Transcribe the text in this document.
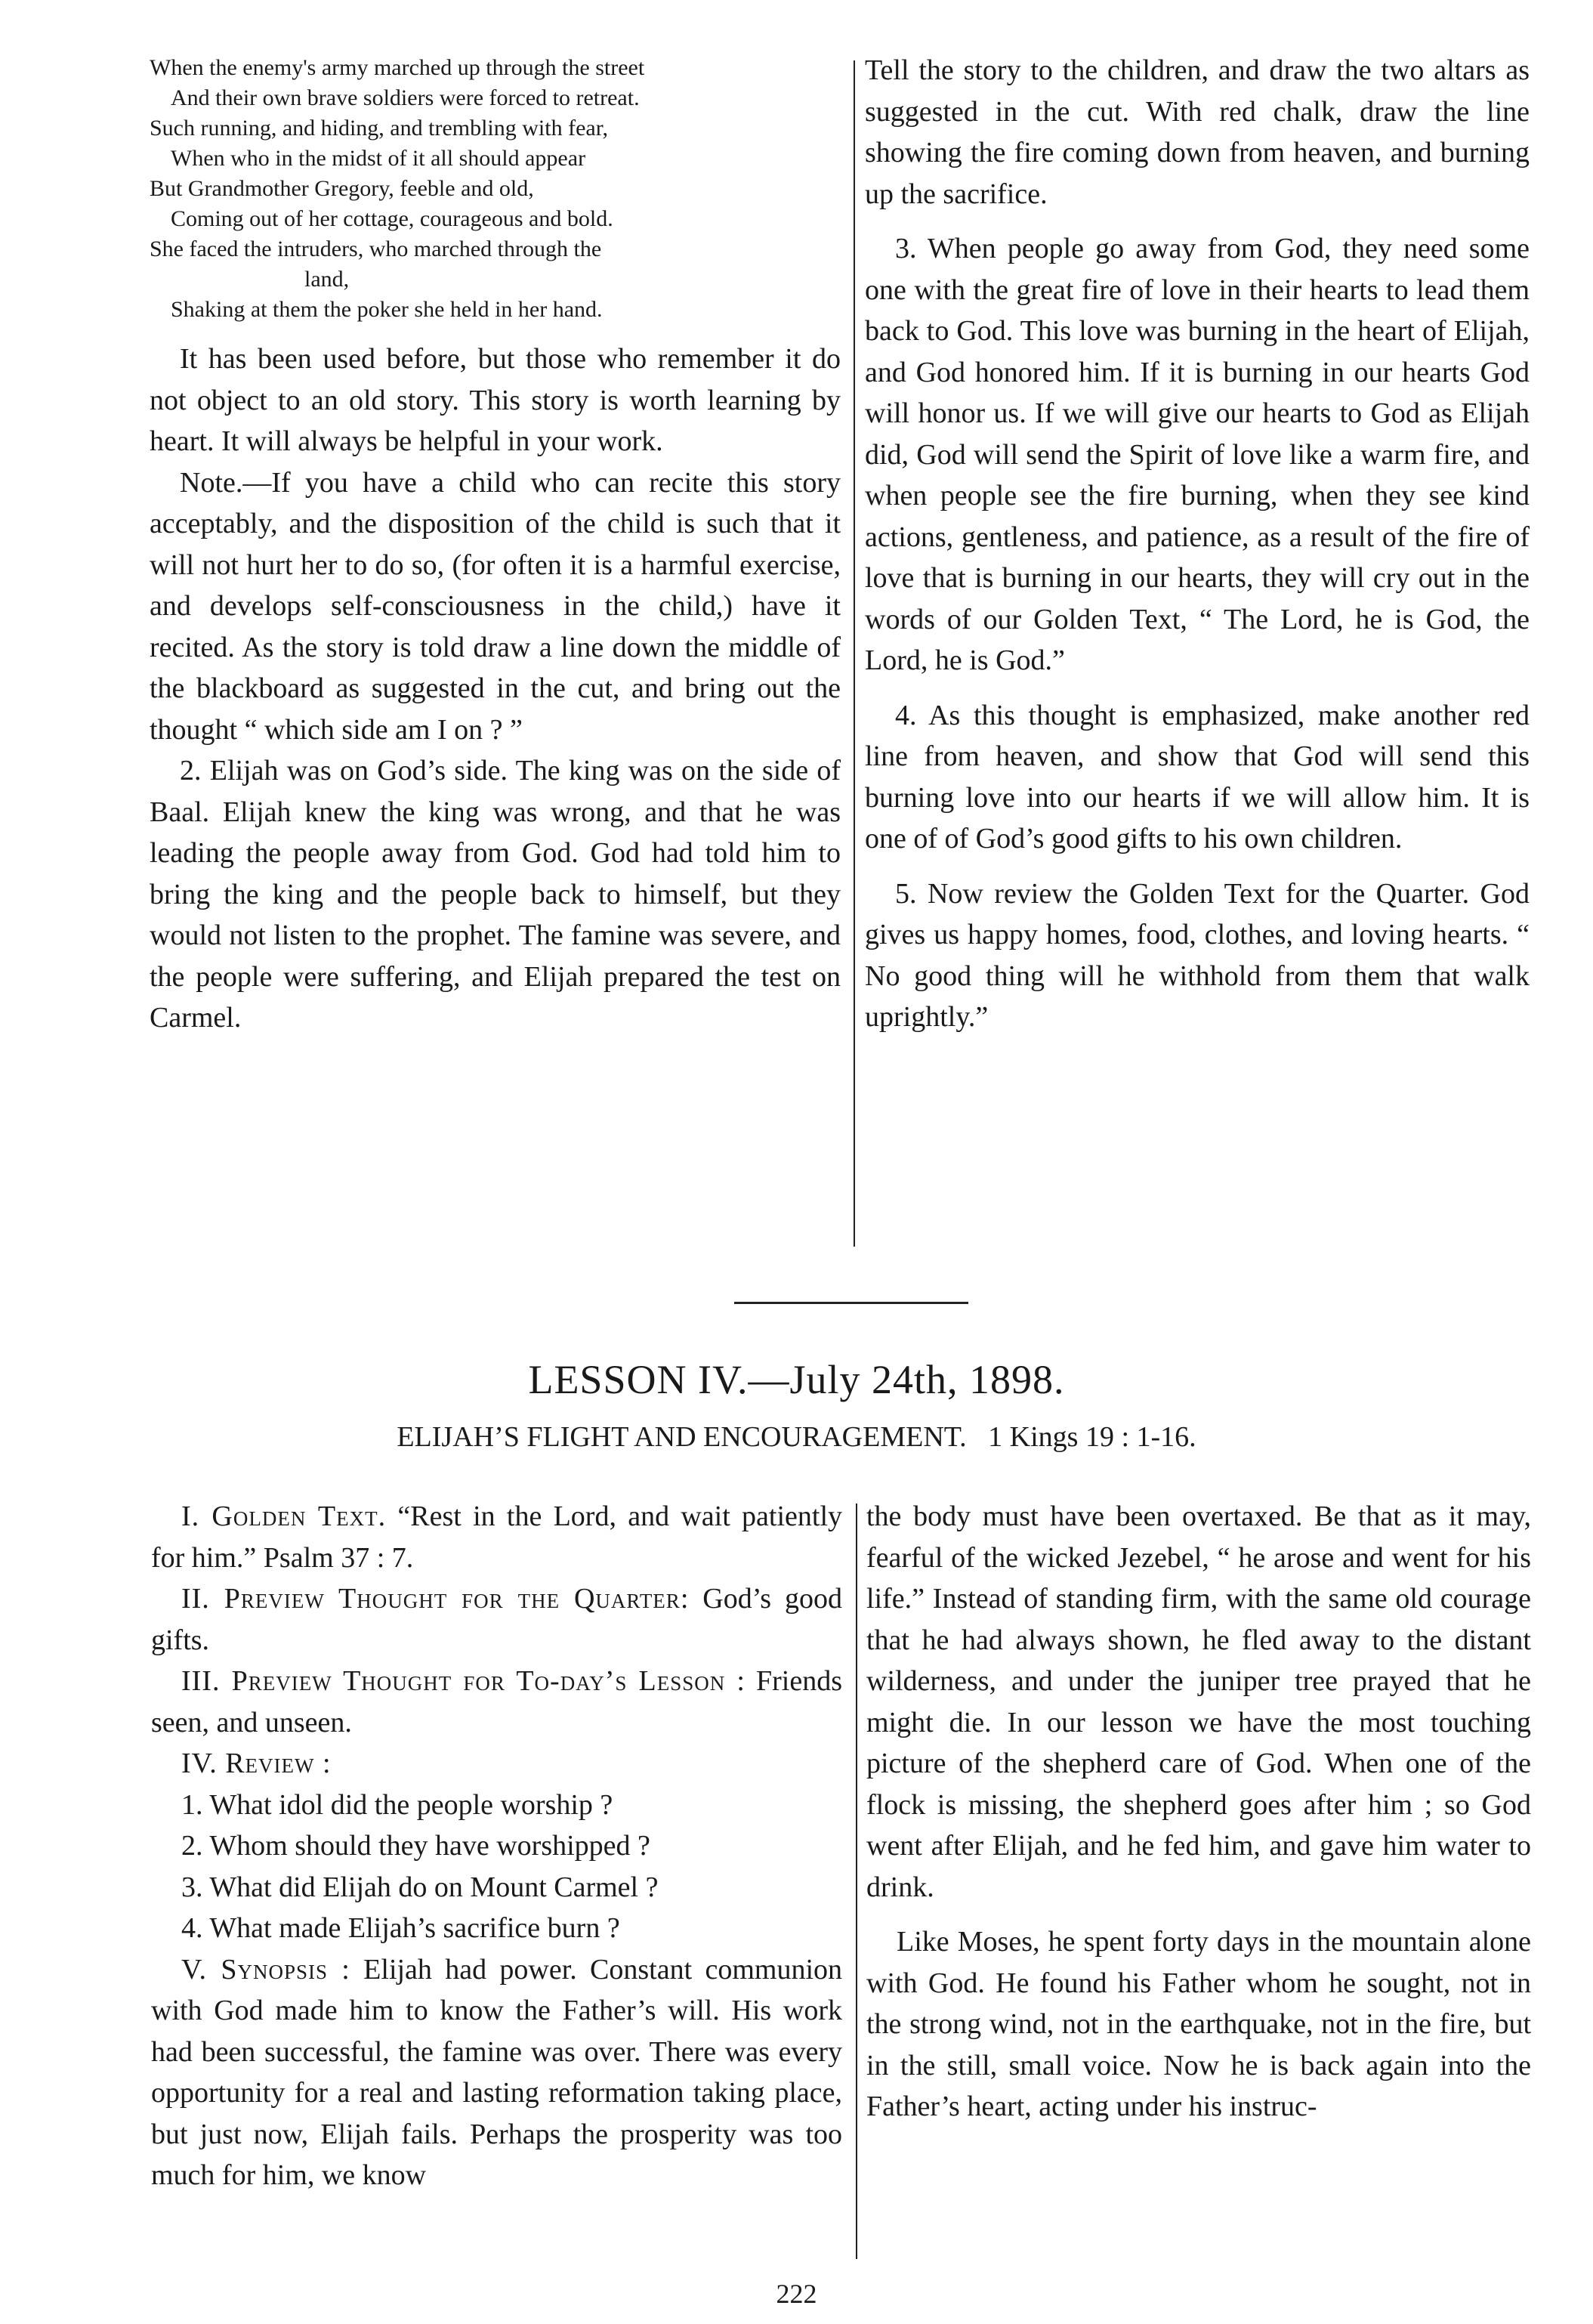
When the enemy's army marched up through the street
And their own brave soldiers were forced to retreat.
Such running, and hiding, and trembling with fear,
When who in the midst of it all should appear
But Grandmother Gregory, feeble and old,
Coming out of her cottage, courageous and bold.
She faced the intruders, who marched through the
land,
Shaking at them the poker she held in her hand.

It has been used before, but those who remember it do not object to an old story. This story is worth learning by heart. It will always be helpful in your work.

Note.—If you have a child who can recite this story acceptably, and the disposition of the child is such that it will not hurt her to do so, (for often it is a harmful exercise, and develops self-consciousness in the child,) have it recited. As the story is told draw a line down the middle of the blackboard as suggested in the cut, and bring out the thought “ which side am I on ? ”

2. Elijah was on God’s side. The king was on the side of Baal. Elijah knew the king was wrong, and that he was leading the people away from God. God had told him to bring the king and the people back to himself, but they would not listen to the prophet. The famine was severe, and the people were suffering, and Elijah prepared the test on Carmel.

Tell the story to the children, and draw the two altars as suggested in the cut. With red chalk, draw the line showing the fire coming down from heaven, and burning up the sacrifice.

3. When people go away from God, they need some one with the great fire of love in their hearts to lead them back to God. This love was burning in the heart of Elijah, and God honored him. If it is burning in our hearts God will honor us. If we will give our hearts to God as Elijah did, God will send the Spirit of love like a warm fire, and when people see the fire burning, when they see kind actions, gentleness, and patience, as a result of the fire of love that is burning in our hearts, they will cry out in the words of our Golden Text, “ The Lord, he is God, the Lord, he is God.”

4. As this thought is emphasized, make another red line from heaven, and show that God will send this burning love into our hearts if we will allow him. It is one of of God’s good gifts to his own children.

5. Now review the Golden Text for the Quarter. God gives us happy homes, food, clothes, and loving hearts. “ No good thing will he withhold from them that walk uprightly.”

LESSON IV.—July 24th, 1898.
ELIJAH’S FLIGHT AND ENCOURAGEMENT. 1 Kings 19 : 1-16.

I. Golden Text. “Rest in the Lord, and wait patiently for him.” Psalm 37 : 7.

II. Preview Thought for the Quarter: God’s good gifts.

III. Preview Thought for To-day’s Lesson : Friends seen, and unseen.

IV. Review :

1. What idol did the people worship ?

2. Whom should they have worshipped ?

3. What did Elijah do on Mount Carmel ?

4. What made Elijah’s sacrifice burn ?

V. Synopsis : Elijah had power. Constant communion with God made him to know the Father’s will. His work had been successful, the famine was over. There was every opportunity for a real and lasting reformation taking place, but just now, Elijah fails. Perhaps the prosperity was too much for him, we know

the body must have been overtaxed. Be that as it may, fearful of the wicked Jezebel, “ he arose and went for his life.” Instead of standing firm, with the same old courage that he had always shown, he fled away to the distant wilderness, and under the juniper tree prayed that he might die. In our lesson we have the most touching picture of the shepherd care of God. When one of the flock is missing, the shepherd goes after him ; so God went after Elijah, and he fed him, and gave him water to drink.

Like Moses, he spent forty days in the mountain alone with God. He found his Father whom he sought, not in the strong wind, not in the earthquake, not in the fire, but in the still, small voice. Now he is back again into the Father’s heart, acting under his instruc-

222
